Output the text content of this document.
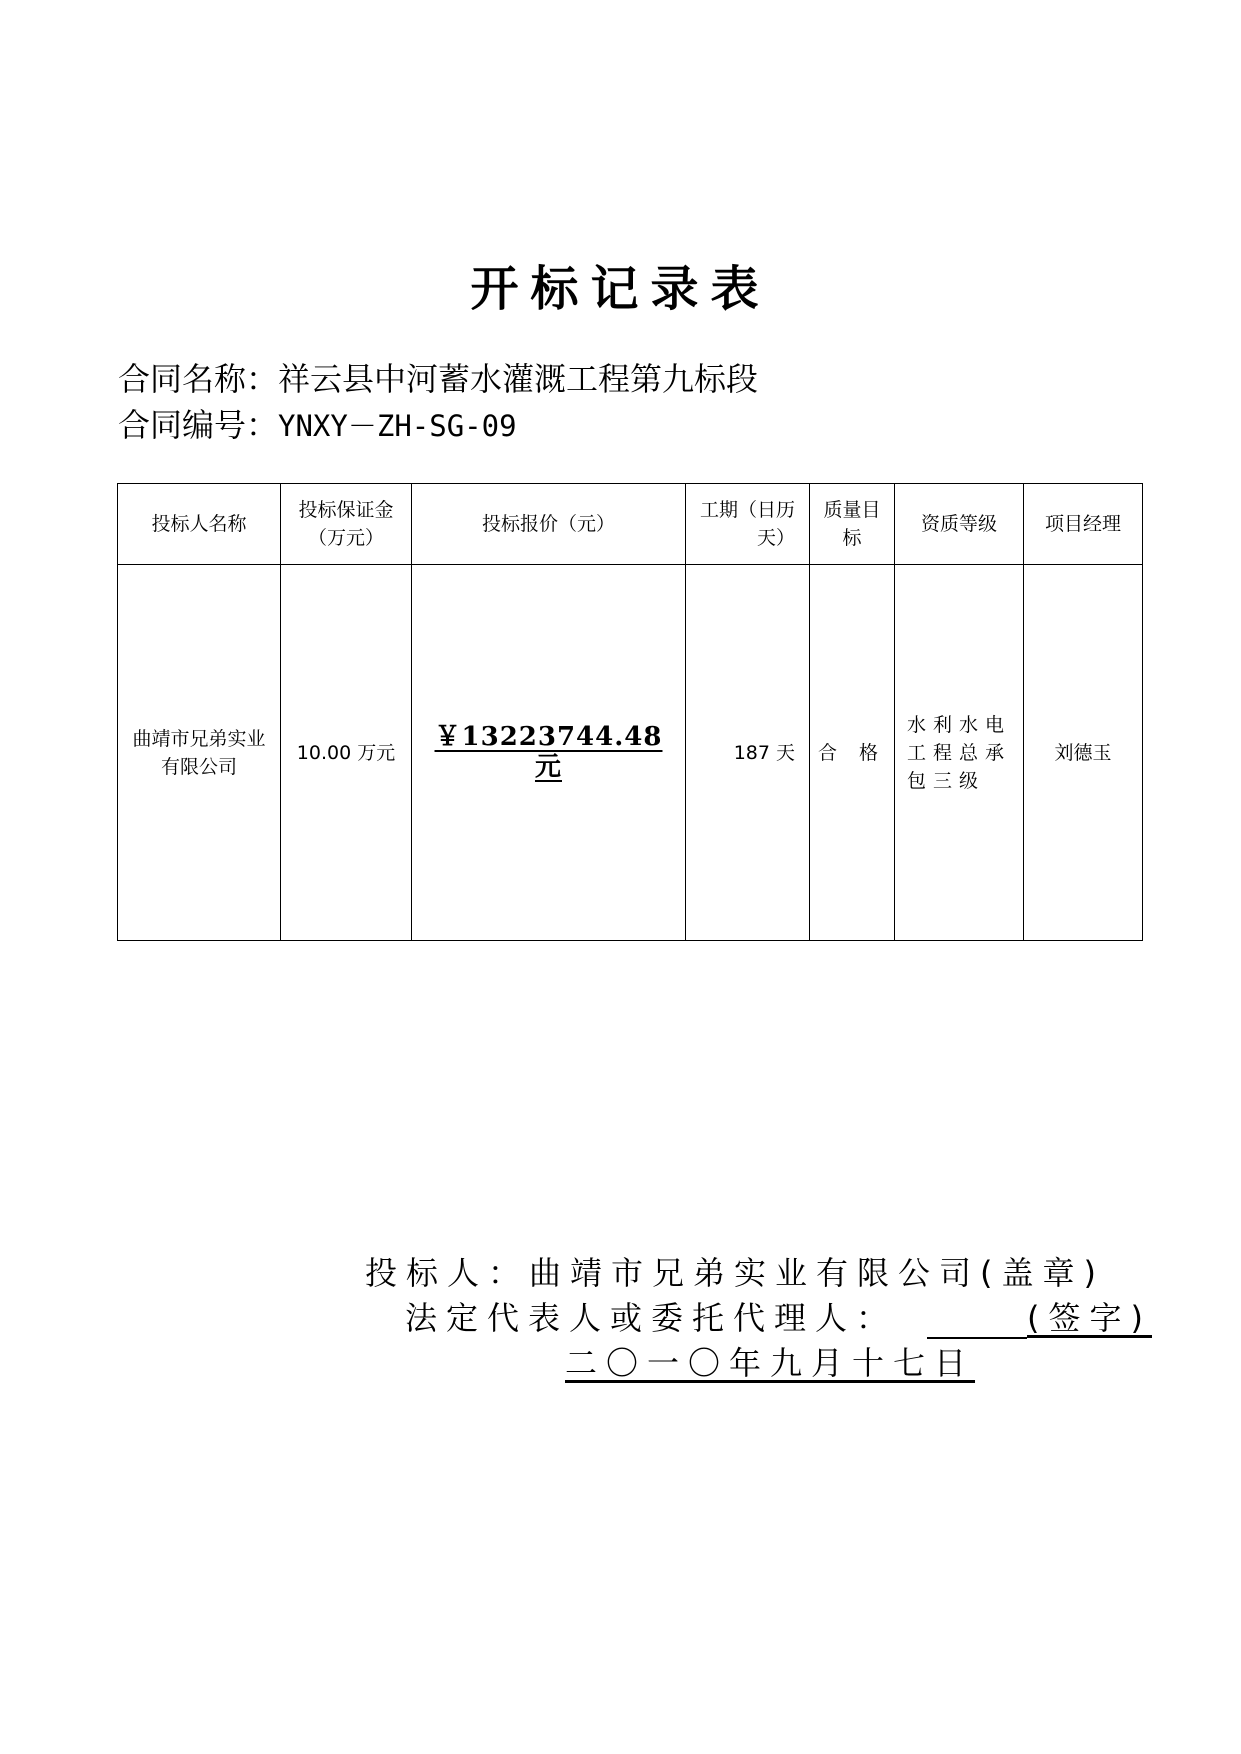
开标记录表
合同名称：祥云县中河蓄水灌溉工程第九标段
合同编号：YNXY－ZH-SG-09
投标人名称	投标保证金（万元）	投标报价（元）	工期（日历天）	质量目标	资质等级	项目经理
曲靖市兄弟实业有限公司	10.00 万元	￥13223744.48 元	187 天	合 格	水利水电工程总承包三级	刘德玉
投标人：曲靖市兄弟实业有限公司(盖章)
法定代表人或委托代理人：	(签字)
二〇一〇年九月十七日
